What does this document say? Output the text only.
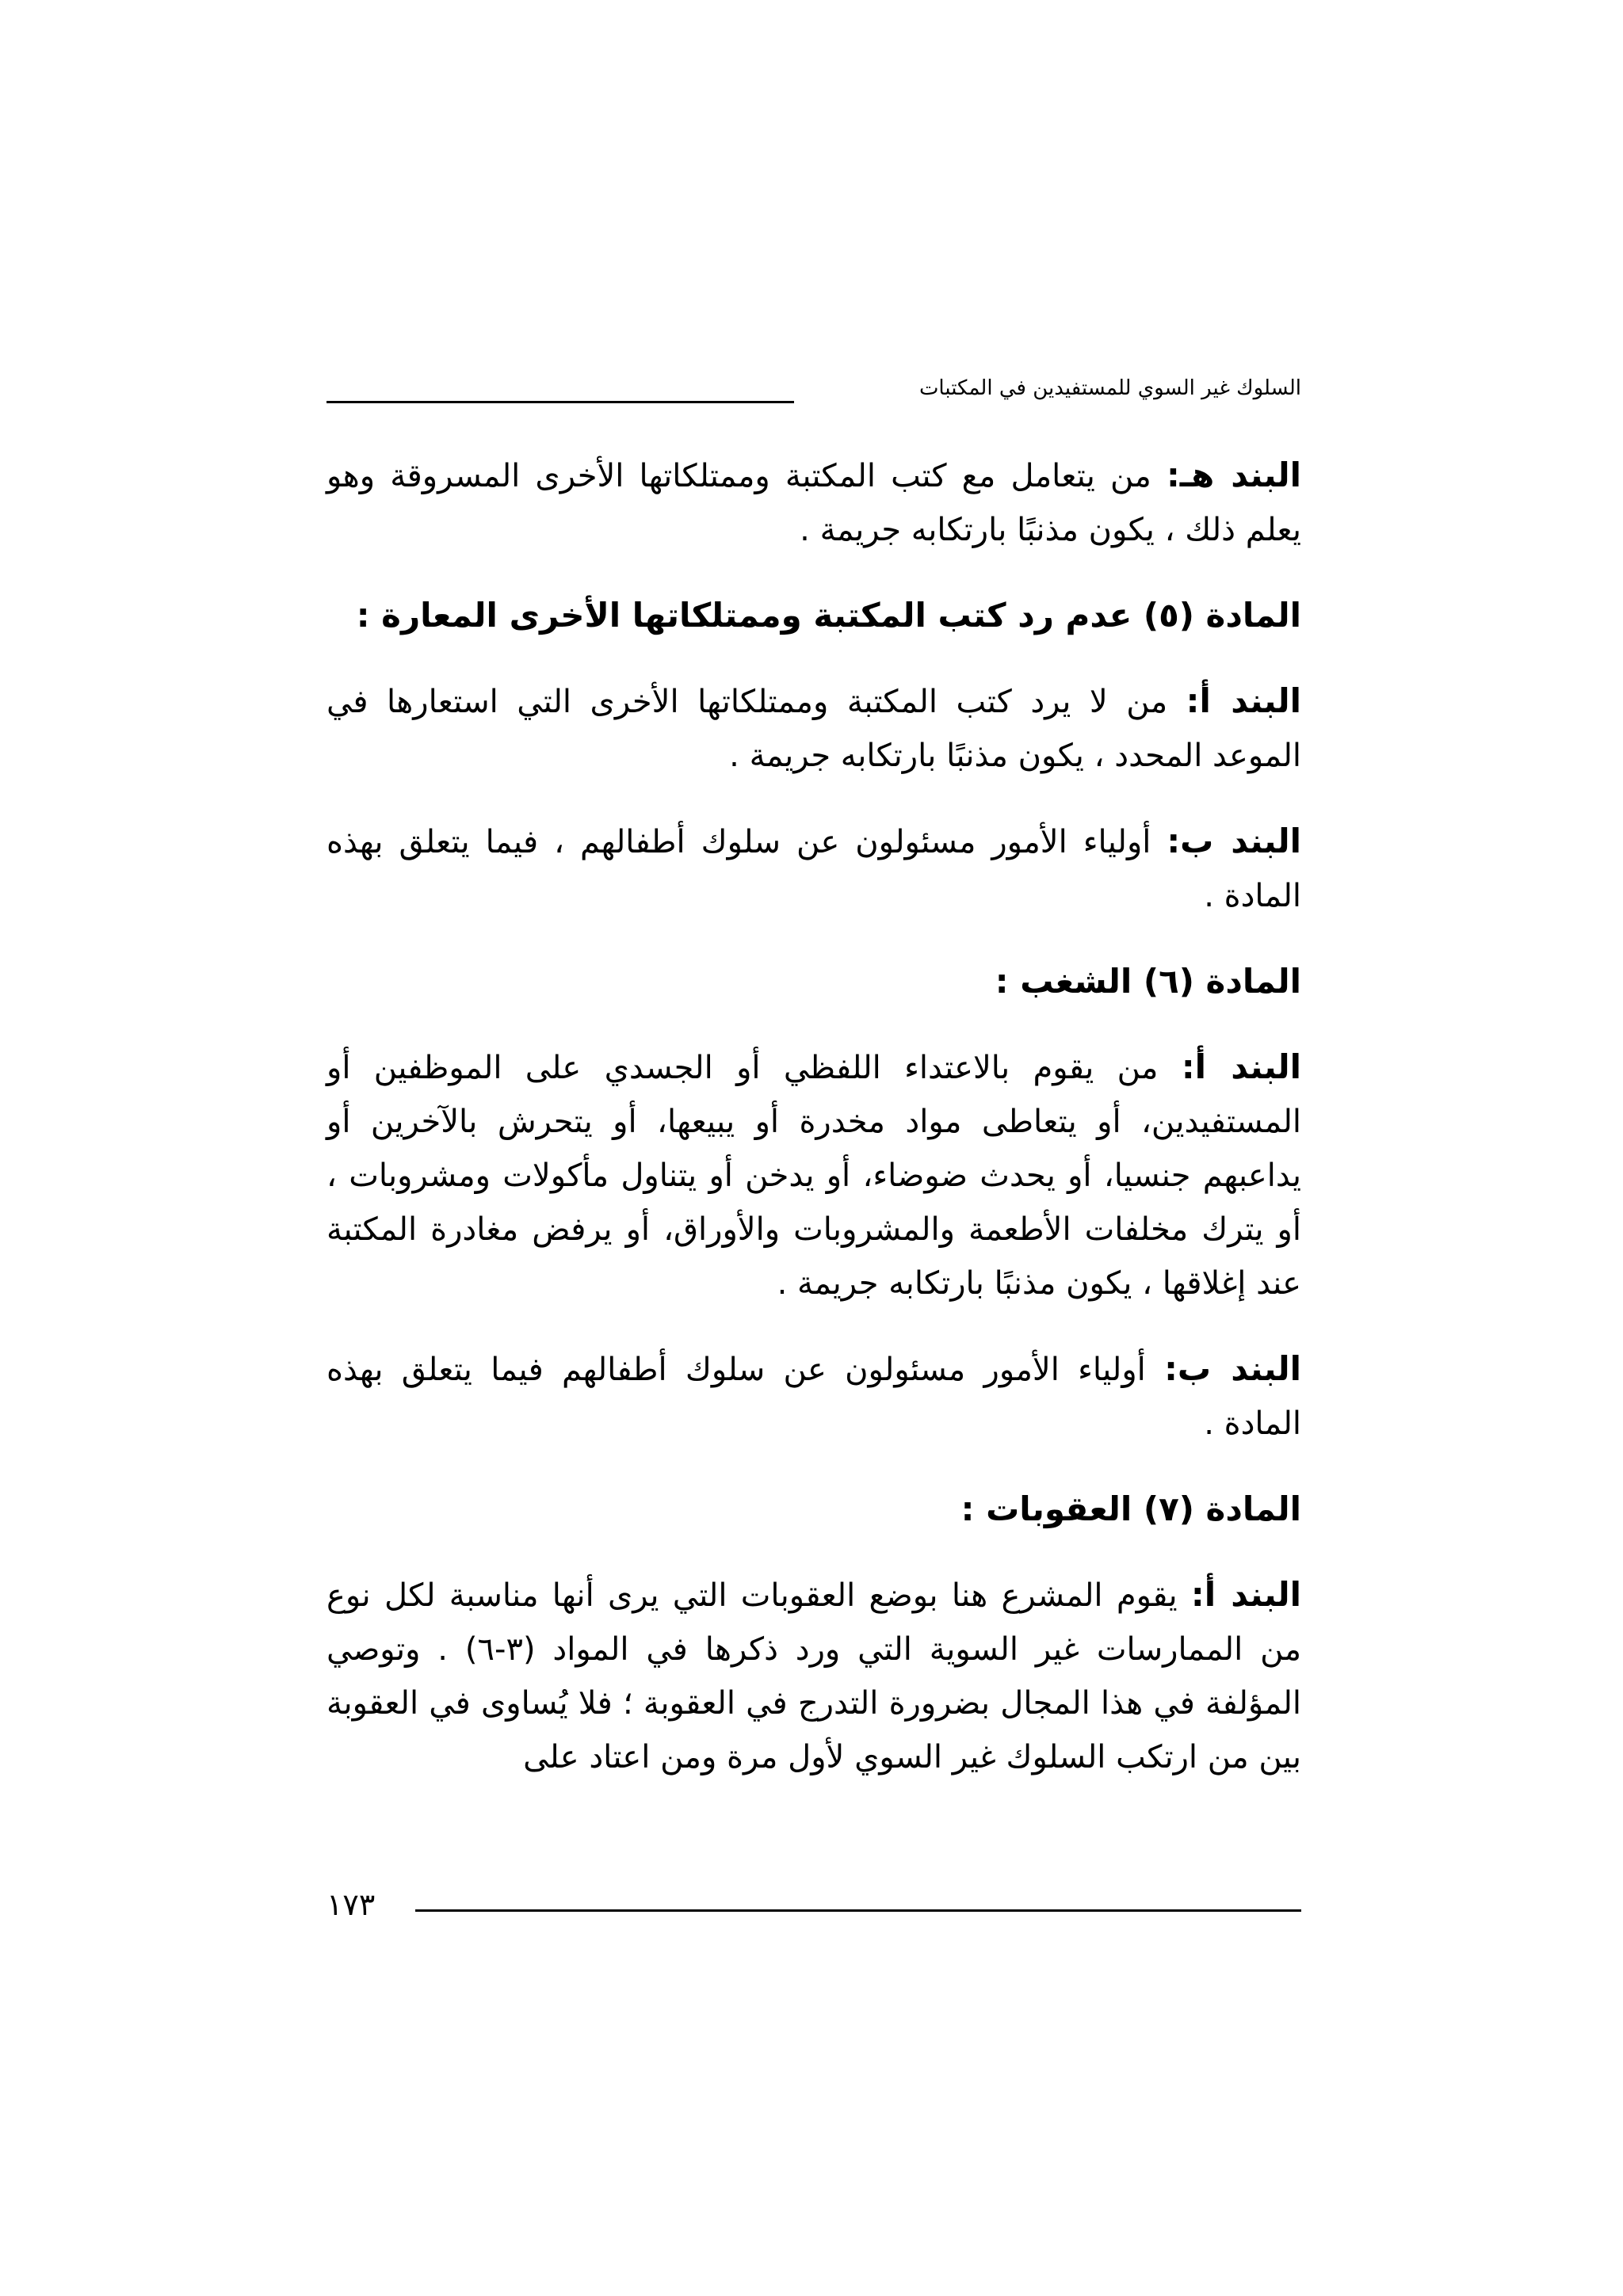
السلوك غير السوي للمستفيدين في المكتبات

البند هـ: من يتعامل مع كتب المكتبة وممتلكاتها الأخرى المسروقة وهو يعلم ذلك ، يكون مذنبًا بارتكابه جريمة .

المادة (٥) عدم رد كتب المكتبة وممتلكاتها الأخرى المعارة :

البند أ: من لا يرد كتب المكتبة وممتلكاتها الأخرى التي استعارها في الموعد المحدد ، يكون مذنبًا بارتكابه جريمة .

البند ب: أولياء الأمور مسئولون عن سلوك أطفالهم ، فيما يتعلق بهذه المادة .

المادة (٦) الشغب :

البند أ: من يقوم بالاعتداء اللفظي أو الجسدي على الموظفين أو المستفيدين، أو يتعاطى مواد مخدرة أو يبيعها، أو يتحرش بالآخرين أو يداعبهم جنسيا، أو يحدث ضوضاء، أو يدخن أو يتناول مأكولات ومشروبات ، أو يترك مخلفات الأطعمة والمشروبات والأوراق، أو يرفض مغادرة المكتبة عند إغلاقها ، يكون مذنبًا بارتكابه جريمة .

البند ب: أولياء الأمور مسئولون عن سلوك أطفالهم فيما يتعلق بهذه المادة .

المادة (٧) العقوبات :

البند أ: يقوم المشرع هنا بوضع العقوبات التي يرى أنها مناسبة لكل نوع من الممارسات غير السوية التي ورد ذكرها في المواد (٣-٦) . وتوصي المؤلفة في هذا المجال بضرورة التدرج في العقوبة ؛ فلا يُساوى في العقوبة بين من ارتكب السلوك غير السوي لأول مرة ومن اعتاد على

١٧٣
